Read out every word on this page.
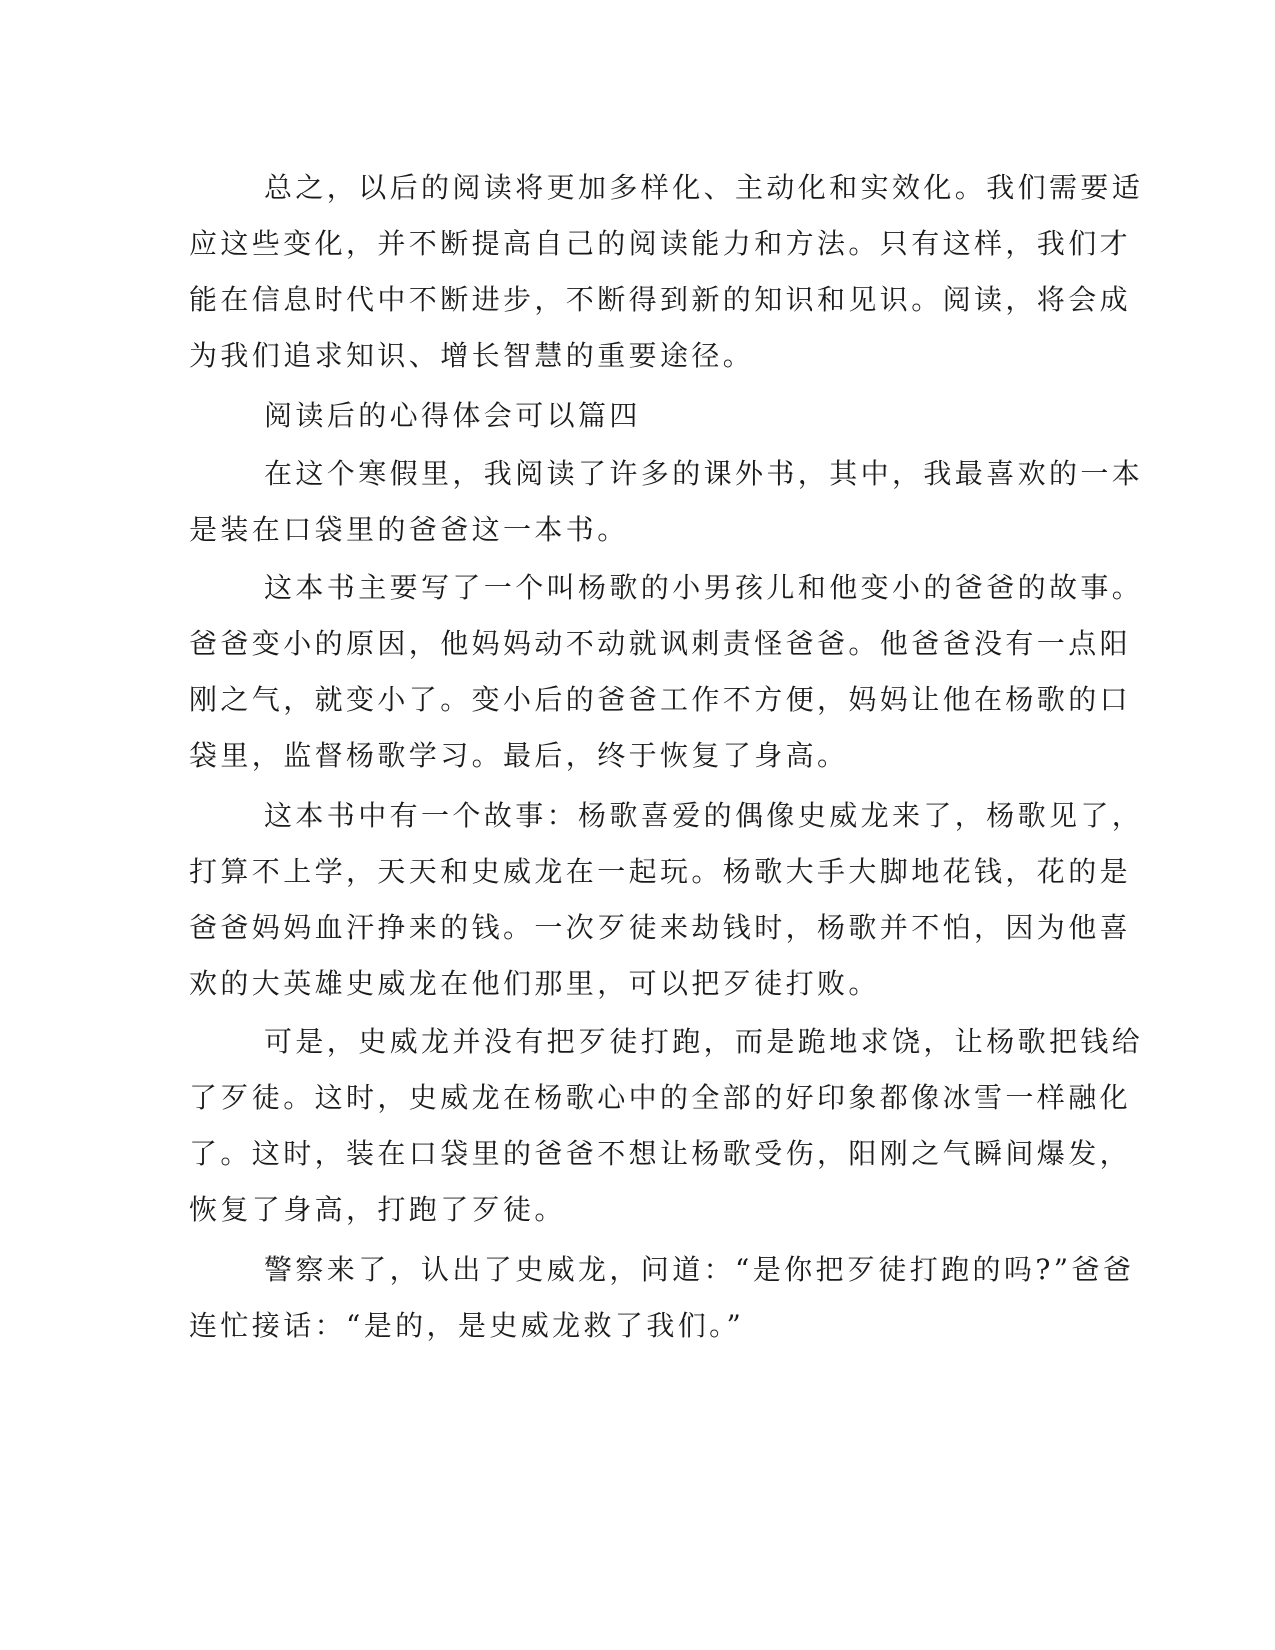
总之，以后的阅读将更加多样化、主动化和实效化。我们需要适
应这些变化，并不断提高自己的阅读能力和方法。只有这样，我们才
能在信息时代中不断进步，不断得到新的知识和见识。阅读，将会成
为我们追求知识、增长智慧的重要途径。
阅读后的心得体会可以篇四
在这个寒假里，我阅读了许多的课外书，其中，我最喜欢的一本
是装在口袋里的爸爸这一本书。
这本书主要写了一个叫杨歌的小男孩儿和他变小的爸爸的故事。
爸爸变小的原因，他妈妈动不动就讽刺责怪爸爸。他爸爸没有一点阳
刚之气，就变小了。变小后的爸爸工作不方便，妈妈让他在杨歌的口
袋里，监督杨歌学习。最后，终于恢复了身高。
这本书中有一个故事：杨歌喜爱的偶像史威龙来了，杨歌见了，
打算不上学，天天和史威龙在一起玩。杨歌大手大脚地花钱，花的是
爸爸妈妈血汗挣来的钱。一次歹徒来劫钱时，杨歌并不怕，因为他喜
欢的大英雄史威龙在他们那里，可以把歹徒打败。
可是，史威龙并没有把歹徒打跑，而是跪地求饶，让杨歌把钱给
了歹徒。这时，史威龙在杨歌心中的全部的好印象都像冰雪一样融化
了。这时，装在口袋里的爸爸不想让杨歌受伤，阳刚之气瞬间爆发，
恢复了身高，打跑了歹徒。
警察来了，认出了史威龙，问道：“是你把歹徒打跑的吗?”爸爸
连忙接话：“是的，是史威龙救了我们。”
